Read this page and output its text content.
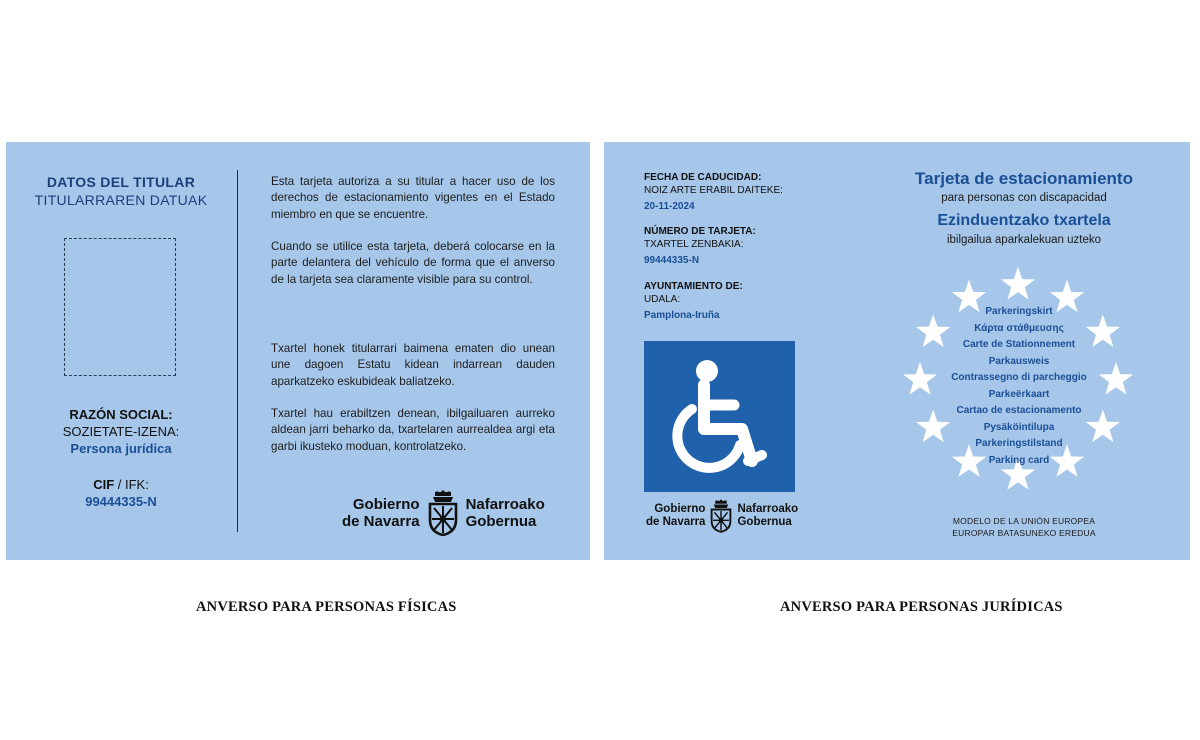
DATOS DEL TITULAR
TITULARRAREN DATUAK
RAZÓN SOCIAL:
SOZIETATE-IZENA:
Persona jurídica
CIF / IFK:
99444335-N

Esta tarjeta autoriza a su titular a hacer uso de los derechos de estacionamiento vigentes en el Estado miembro en que se encuentre.

Cuando se utilice esta tarjeta, deberá colocarse en la parte delantera del vehículo de forma que el anverso de la tarjeta sea claramente visible para su control.

Txartel honek titularrari baimena ematen dio unean une dagoen Estatu kidean indarrean dauden aparkatzeko eskubideak baliatzeko.

Txartel hau erabiltzen denean, ibilgailuaren aurreko aldean jarri beharko da, txartelaren aurrealdea argi eta garbi ikusteko moduan, kontrolatzeko.

Gobierno
de Navarra
Nafarroako
Gobernua
FECHA DE CADUCIDAD:
NOIZ ARTE ERABIL DAITEKE:
20-11-2024
NÚMERO DE TARJETA:
TXARTEL ZENBAKIA:
99444335-N
AYUNTAMIENTO DE:
UDALA:
Pamplona-Iruña
Gobierno
de Navarra
Nafarroako
Gobernua
Tarjeta de estacionamiento
para personas con discapacidad
Ezinduentzako txartela
ibilgailua aparkalekuan uzteko
Parkeringskirt
Κάρτα στάθμευσης
Carte de Stationnement
Parkausweis
Contrassegno di parcheggio
Parkeërkaart
Cartao de estacionamento
Pysäköintilupa
Parkeringstilstand
Parking card
MODELO DE LA UNIÓN EUROPEA
EUROPAR BATASUNEKO EREDUA
ANVERSO PARA PERSONAS FÍSICAS	ANVERSO PARA PERSONAS JURÍDICAS
